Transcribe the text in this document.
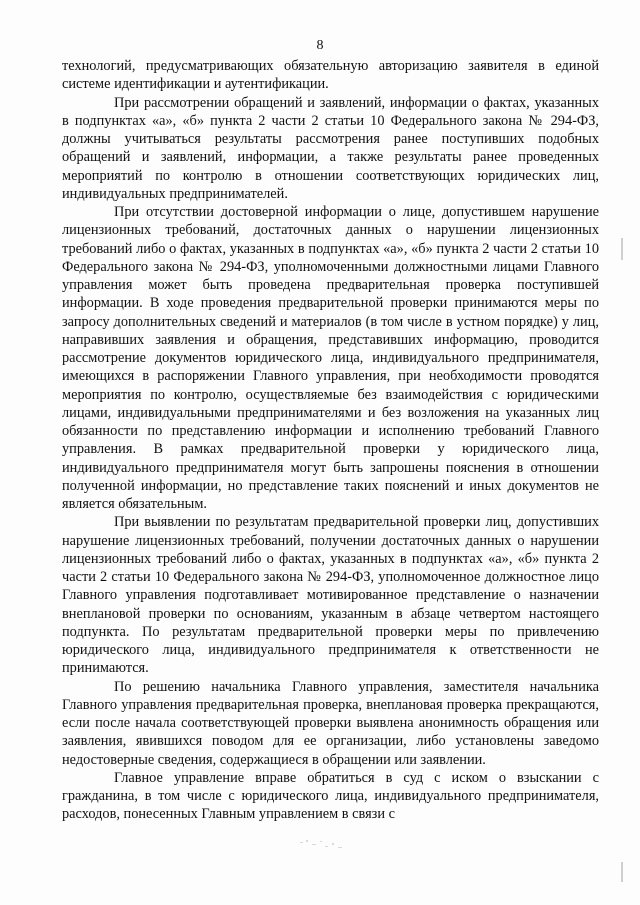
8

технологий, предусматривающих обязательную авторизацию заявителя в единой системе идентификации и аутентификации.

При рассмотрении обращений и заявлений, информации о фактах, указанных в подпунктах «а», «б» пункта 2 части 2 статьи 10 Федерального закона № 294-ФЗ, должны учитываться результаты рассмотрения ранее поступивших подобных обращений и заявлений, информации, а также результаты ранее проведенных мероприятий по контролю в отношении соответствующих юридических лиц, индивидуальных предпринимателей.

При отсутствии достоверной информации о лице, допустившем нарушение лицензионных требований, достаточных данных о нарушении лицензионных требований либо о фактах, указанных в подпунктах «а», «б» пункта 2 части 2 статьи 10 Федерального закона № 294-ФЗ, уполномоченными должностными лицами Главного управления может быть проведена предварительная проверка поступившей информации. В ходе проведения предварительной проверки принимаются меры по запросу дополнительных сведений и материалов (в том числе в устном порядке) у лиц, направивших заявления и обращения, представивших информацию, проводится рассмотрение документов юридического лица, индивидуального предпринимателя, имеющихся в распоряжении Главного управления, при необходимости проводятся мероприятия по контролю, осуществляемые без взаимодействия с юридическими лицами, индивидуальными предпринимателями и без возложения на указанных лиц обязанности по представлению информации и исполнению требований Главного управления. В рамках предварительной проверки у юридического лица, индивидуального предпринимателя могут быть запрошены пояснения в отношении полученной информации, но представление таких пояснений и иных документов не является обязательным.

При выявлении по результатам предварительной проверки лиц, допустивших нарушение лицензионных требований, получении достаточных данных о нарушении лицензионных требований либо о фактах, указанных в подпунктах «а», «б» пункта 2 части 2 статьи 10 Федерального закона № 294-ФЗ, уполномоченное должностное лицо Главного управления подготавливает мотивированное представление о назначении внеплановой проверки по основаниям, указанным в абзаце четвертом настоящего подпункта. По результатам предварительной проверки меры по привлечению юридического лица, индивидуального предпринимателя к ответственности не принимаются.

По решению начальника Главного управления, заместителя начальника Главного управления предварительная проверка, внеплановая проверка прекращаются, если после начала соответствующей проверки выявлена анонимность обращения или заявления, явившихся поводом для ее организации, либо установлены заведомо недостоверные сведения, содержащиеся в обращении или заявлении.

Главное управление вправе обратиться в суд с иском о взыскании с гражданина, в том числе с юридического лица, индивидуального предпринимателя, расходов, понесенных Главным управлением в связи с
